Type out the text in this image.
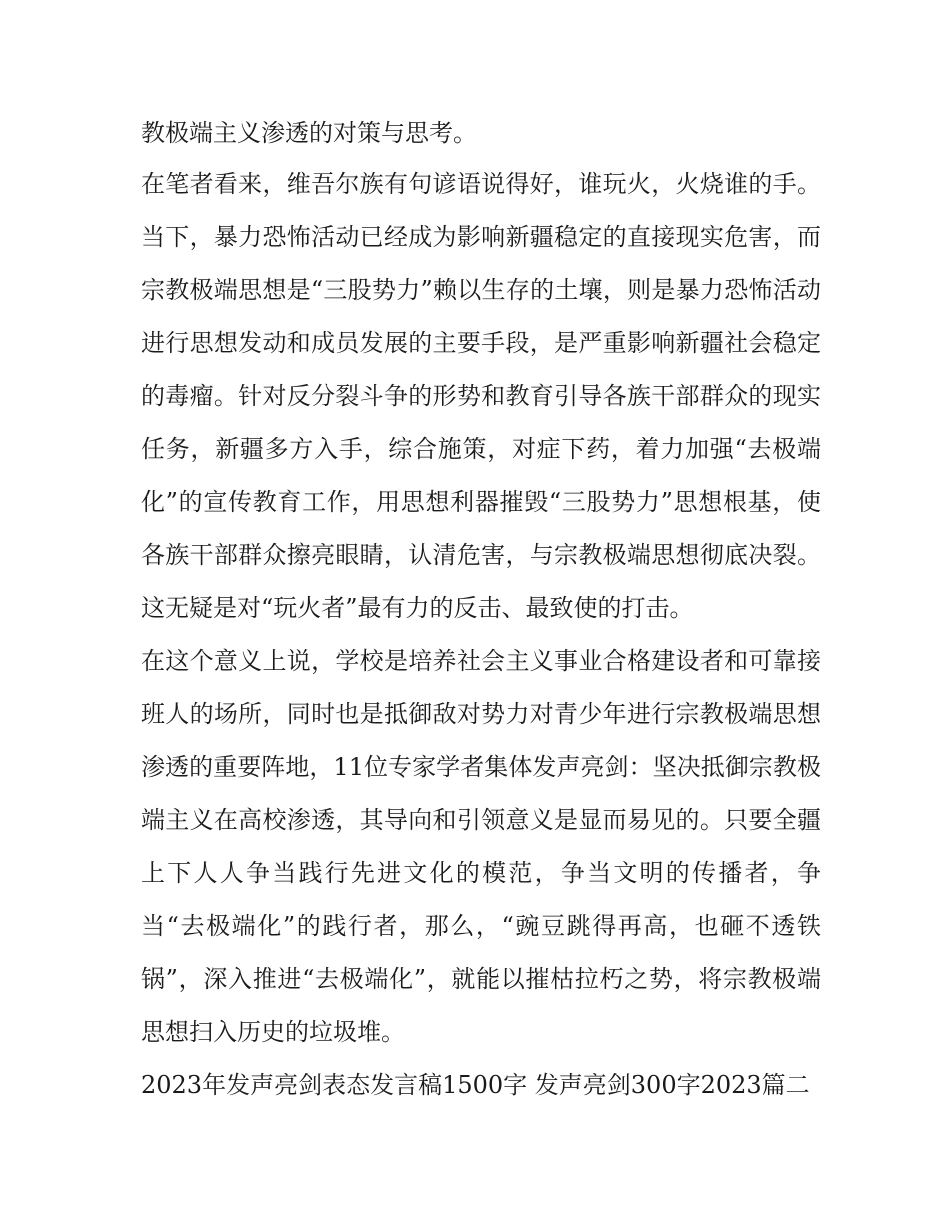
教极端主义渗透的对策与思考。

在笔者看来，维吾尔族有句谚语说得好，谁玩火，火烧谁的手。当下，暴力恐怖活动已经成为影响新疆稳定的直接现实危害，而宗教极端思想是“三股势力”赖以生存的土壤，则是暴力恐怖活动进行思想发动和成员发展的主要手段，是严重影响新疆社会稳定的毒瘤。针对反分裂斗争的形势和教育引导各族干部群众的现实任务，新疆多方入手，综合施策，对症下药，着力加强“去极端化”的宣传教育工作，用思想利器摧毁“三股势力”思想根基，使各族干部群众擦亮眼睛，认清危害，与宗教极端思想彻底决裂。这无疑是对“玩火者”最有力的反击、最致使的打击。

在这个意义上说，学校是培养社会主义事业合格建设者和可靠接班人的场所，同时也是抵御敌对势力对青少年进行宗教极端思想渗透的重要阵地，11位专家学者集体发声亮剑：坚决抵御宗教极端主义在高校渗透，其导向和引领意义是显而易见的。只要全疆上下人人争当践行先进文化的模范，争当文明的传播者，争当“去极端化”的践行者，那么，“豌豆跳得再高，也砸不透铁锅”，深入推进“去极端化”，就能以摧枯拉朽之势，将宗教极端思想扫入历史的垃圾堆。

2023年发声亮剑表态发言稿1500字 发声亮剑300字2023篇二
